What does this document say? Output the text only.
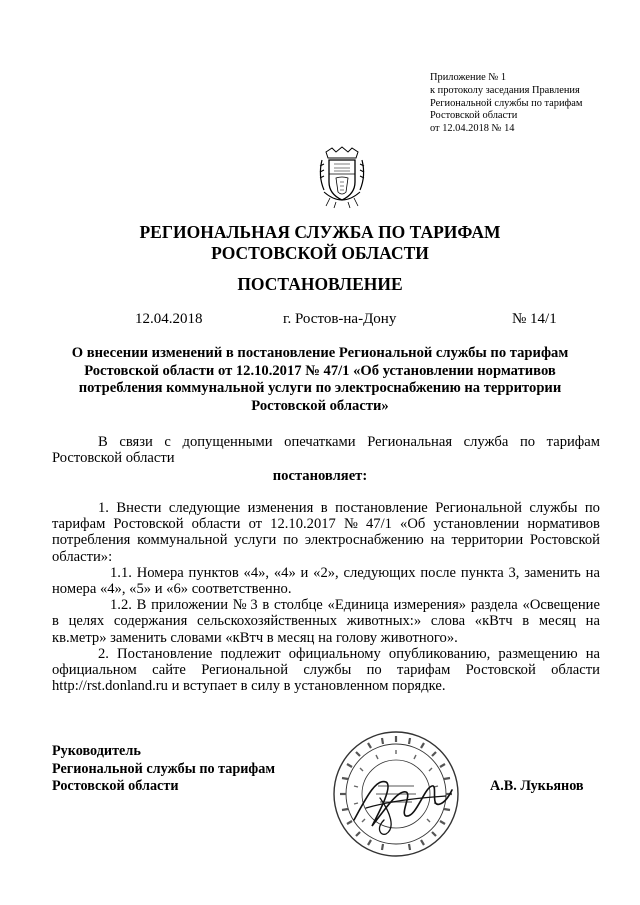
Приложение № 1
к протоколу заседания Правления
Региональной службы по тарифам
Ростовской области
от 12.04.2018 № 14
РЕГИОНАЛЬНАЯ СЛУЖБА ПО ТАРИФАМ
РОСТОВСКОЙ ОБЛАСТИ
ПОСТАНОВЛЕНИЕ
12.04.2018	г. Ростов-на-Дону	№ 14/1
О внесении изменений в постановление Региональной службы по тарифам
Ростовской области от 12.10.2017 № 47/1 «Об установлении нормативов
потребления коммунальной услуги по электроснабжению на территории
Ростовской области»
В связи с допущенными опечатками Региональная служба по тарифам
Ростовской области
постановляет:
1. Внести следующие изменения в постановление Региональной службы по
тарифам Ростовской области от 12.10.2017 № 47/1 «Об установлении нормативов
потребления коммунальной услуги по электроснабжению на территории Ростовской
области»:
1.1. Номера пунктов «4», «4» и «2», следующих после пункта 3, заменить на
номера «4», «5» и «6» соответственно.
1.2. В приложении № 3 в столбце «Единица измерения» раздела «Освещение
в целях содержания сельскохозяйственных животных:» слова «кВтч в месяц на
кв.метр» заменить словами «кВтч в месяц на голову животного».
2. Постановление подлежит официальному опубликованию, размещению на
официальном сайте Региональной службы по тарифам Ростовской области
http://rst.donland.ru и вступает в силу в установленном порядке.
Руководитель
Региональной службы по тарифам
Ростовской области	А.В. Лукьянов
